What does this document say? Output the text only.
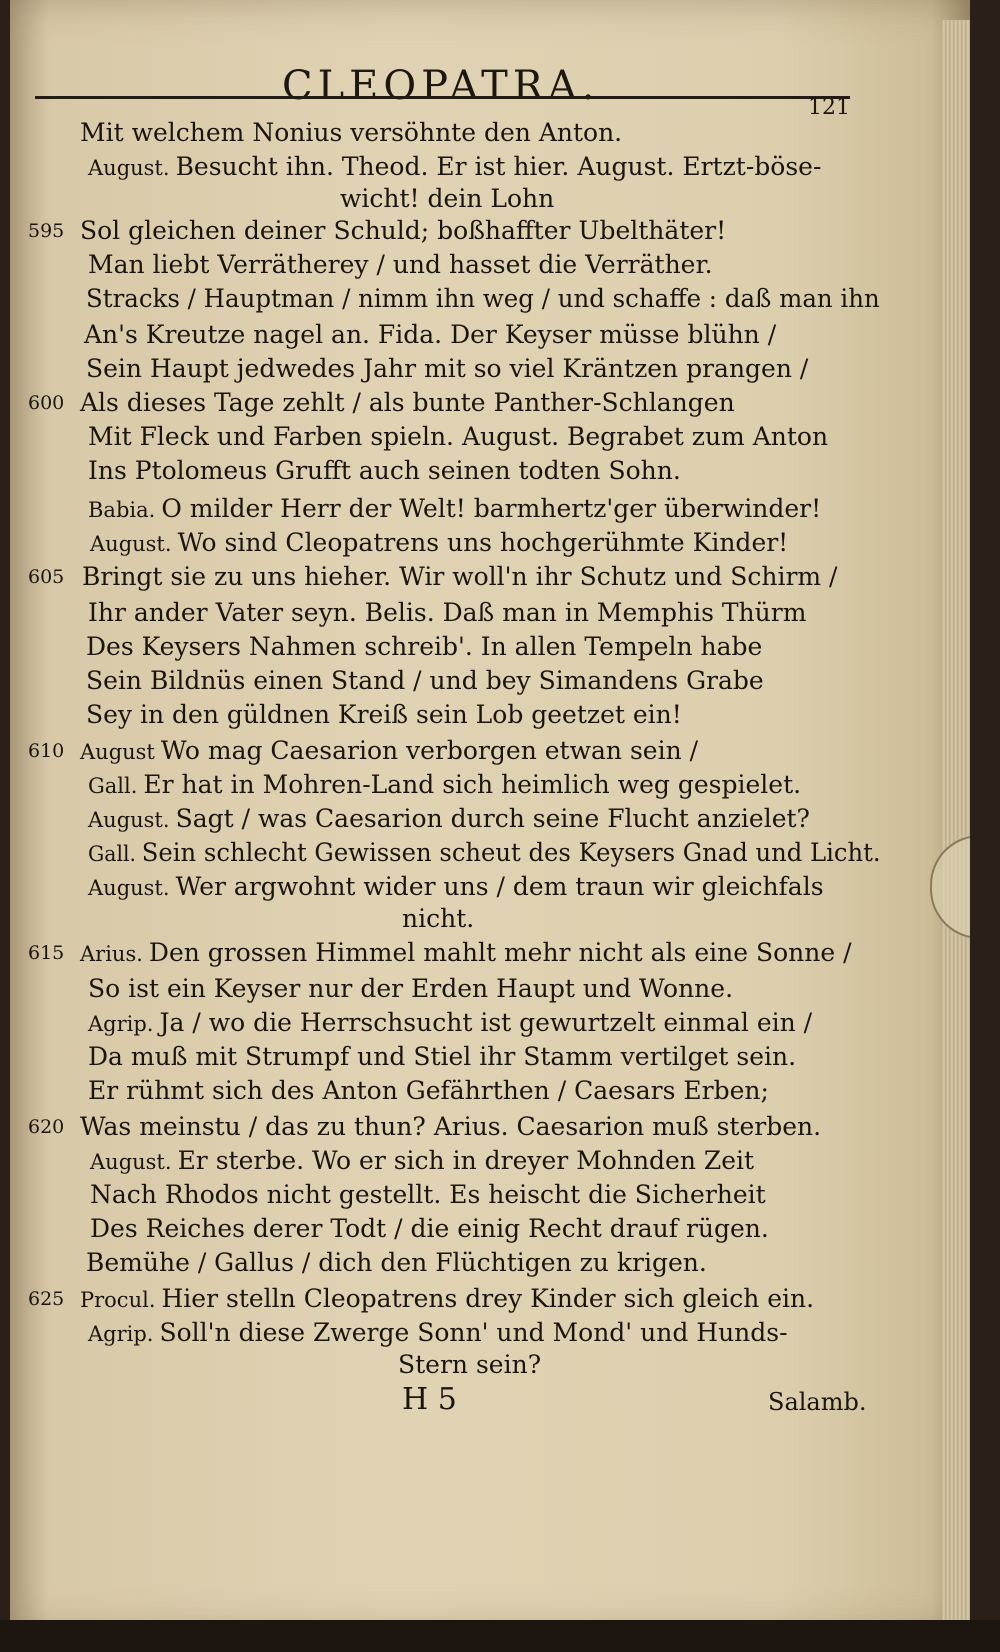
CLEOPATRA.	121
Mit welchem Nonius versöhnte den Anton.
August. Besucht ihn. Theod. Er ist hier. August. Ertzt-böse-
wicht! dein Lohn
595 Sol gleichen deiner Schuld; boßhaffter Ubelthäter!
Man liebt Verrätherey / und hasset die Verräther.
Stracks / Hauptman / nimm ihn weg / und schaffe : daß man ihn
An's Kreutze nagel an. Fida. Der Keyser müsse blühn /
Sein Haupt jedwedes Jahr mit so viel Kräntzen prangen /
600 Als dieses Tage zehlt / als bunte Panther-Schlangen
Mit Fleck und Farben spieln. August. Begrabet zum Anton
Ins Ptolomeus Grufft auch seinen todten Sohn.
Babia. O milder Herr der Welt! barmhertz'ger überwinder!
August. Wo sind Cleopatrens uns hochgerühmte Kinder!
605 Bringt sie zu uns hieher. Wir woll'n ihr Schutz und Schirm /
Ihr ander Vater seyn. Belis. Daß man in Memphis Thürm
Des Keysers Nahmen schreib'. In allen Tempeln habe
Sein Bildnüs einen Stand / und bey Simandens Grabe
Sey in den güldnen Kreiß sein Lob geetzet ein!
610 August Wo mag Caesarion verborgen etwan sein /
Gall. Er hat in Mohren-Land sich heimlich weg gespielet.
August. Sagt / was Caesarion durch seine Flucht anzielet?
Gall. Sein schlecht Gewissen scheut des Keysers Gnad und Licht.
August. Wer argwohnt wider uns / dem traun wir gleichfals
nicht.
615 Arius. Den grossen Himmel mahlt mehr nicht als eine Sonne /
So ist ein Keyser nur der Erden Haupt und Wonne.
Agrip. Ja / wo die Herrschsucht ist gewurtzelt einmal ein /
Da muß mit Strumpf und Stiel ihr Stamm vertilget sein.
Er rühmt sich des Anton Gefährthen / Caesars Erben;
620 Was meinstu / das zu thun? Arius. Caesarion muß sterben.
August. Er sterbe. Wo er sich in dreyer Mohnden Zeit
Nach Rhodos nicht gestellt. Es heischt die Sicherheit
Des Reiches derer Todt / die einig Recht drauf rügen.
Bemühe / Gallus / dich den Flüchtigen zu krigen.
625 Procul. Hier stelln Cleopatrens drey Kinder sich gleich ein.
Agrip. Soll'n diese Zwerge Sonn' und Mond' und Hunds-
Stern sein?
H 5	Salamb.
